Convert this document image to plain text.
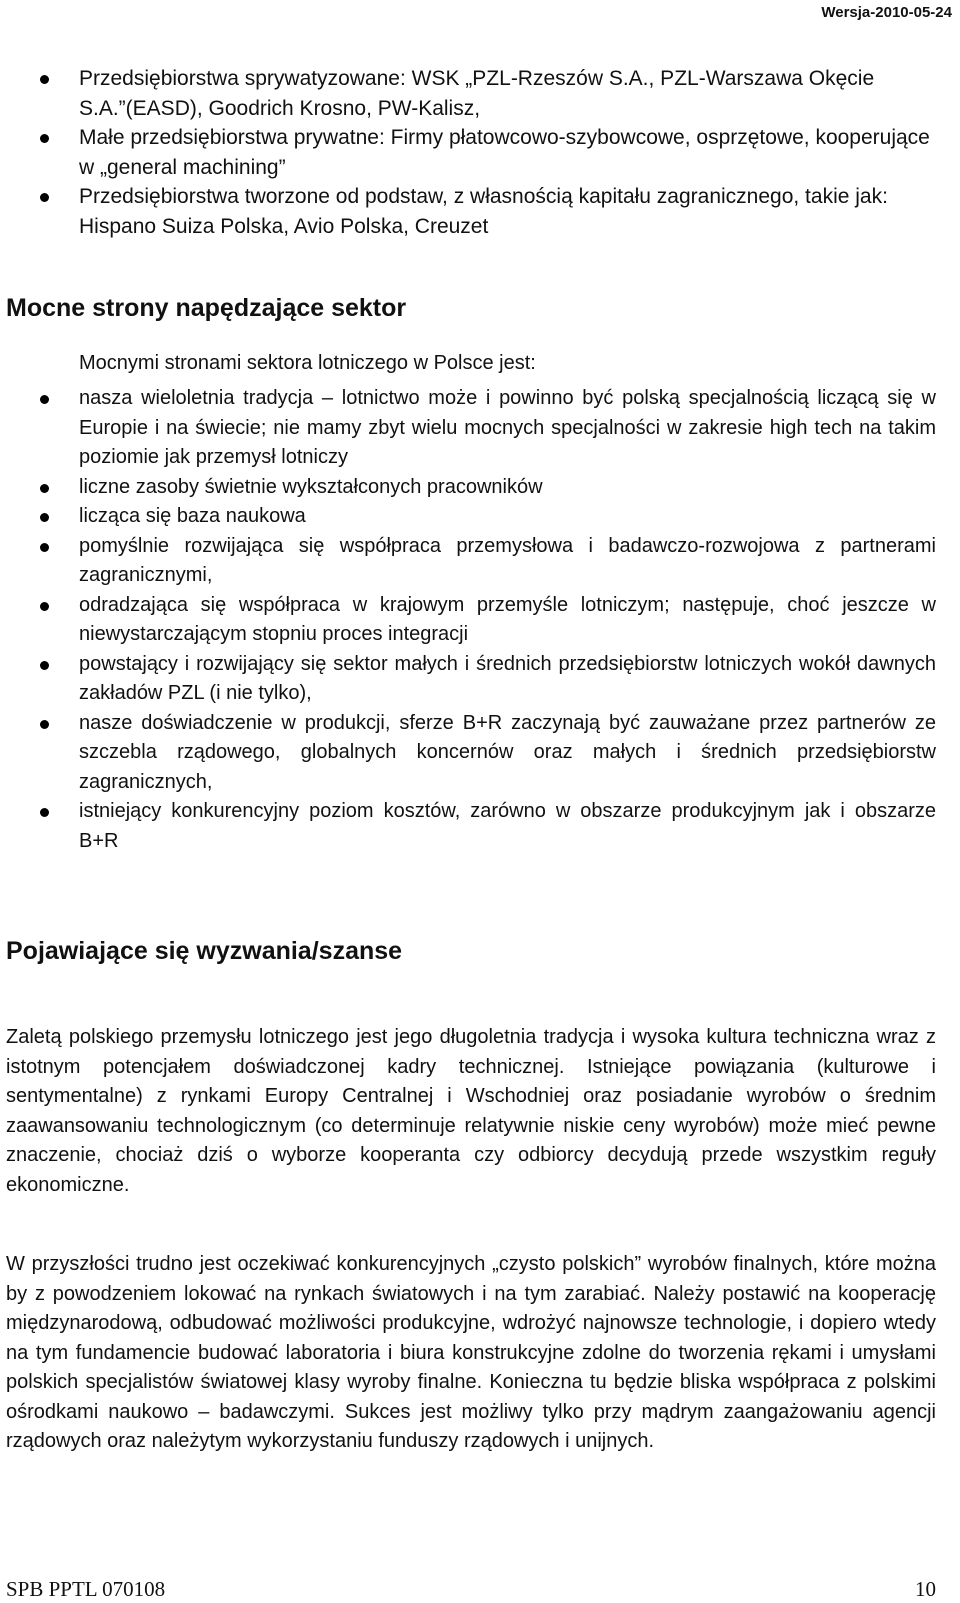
Wersja-2010-05-24
Przedsiębiorstwa sprywatyzowane: WSK „PZL-Rzeszów S.A., PZL-Warszawa Okęcie S.A.”(EASD), Goodrich Krosno, PW-Kalisz,
Małe przedsiębiorstwa prywatne: Firmy płatowcowo-szybowcowe, osprzętowe, kooperujące w „general machining”
Przedsiębiorstwa tworzone od podstaw, z własnością kapitału zagranicznego, takie jak: Hispano Suiza Polska, Avio Polska, Creuzet
Mocne strony napędzające sektor

Mocnymi stronami sektora lotniczego w Polsce jest:

nasza wieloletnia tradycja – lotnictwo może i powinno być polską specjalnością liczącą się w Europie i na świecie; nie mamy zbyt wielu mocnych specjalności w zakresie high tech na takim poziomie jak przemysł lotniczy
liczne zasoby świetnie wykształconych pracowników
licząca się baza naukowa
pomyślnie rozwijająca się współpraca przemysłowa i badawczo-rozwojowa z partnerami zagranicznymi,
odradzająca się współpraca w krajowym przemyśle lotniczym; następuje, choć jeszcze w niewystarczającym stopniu proces integracji
powstający i rozwijający się sektor małych i średnich przedsiębiorstw lotniczych wokół dawnych zakładów PZL (i nie tylko),
nasze doświadczenie w produkcji, sferze B+R zaczynają być zauważane przez partnerów ze szczebla rządowego, globalnych koncernów oraz małych i średnich przedsiębiorstw zagranicznych,
istniejący konkurencyjny poziom kosztów, zarówno w obszarze produkcyjnym jak i obszarze B+R
Pojawiające się wyzwania/szanse

Zaletą polskiego przemysłu lotniczego jest jego długoletnia tradycja i wysoka kultura techniczna wraz z istotnym potencjałem doświadczonej kadry technicznej. Istniejące powiązania (kulturowe i sentymentalne) z rynkami Europy Centralnej i Wschodniej oraz posiadanie wyrobów o średnim zaawansowaniu technologicznym (co determinuje relatywnie niskie ceny wyrobów) może mieć pewne znaczenie, chociaż dziś o wyborze kooperanta czy odbiorcy decydują przede wszystkim reguły ekonomiczne.

W przyszłości trudno jest oczekiwać konkurencyjnych „czysto polskich” wyrobów finalnych, które można by z powodzeniem lokować na rynkach światowych i na tym zarabiać. Należy postawić na kooperację międzynarodową, odbudować możliwości produkcyjne, wdrożyć najnowsze technologie, i dopiero wtedy na tym fundamencie budować laboratoria i biura konstrukcyjne zdolne do tworzenia rękami i umysłami polskich specjalistów światowej klasy wyroby finalne. Konieczna tu będzie bliska współpraca z polskimi ośrodkami naukowo – badawczymi. Sukces jest możliwy tylko przy mądrym zaangażowaniu agencji rządowych oraz należytym wykorzystaniu funduszy rządowych i unijnych.

SPB PPTL 070108	10
